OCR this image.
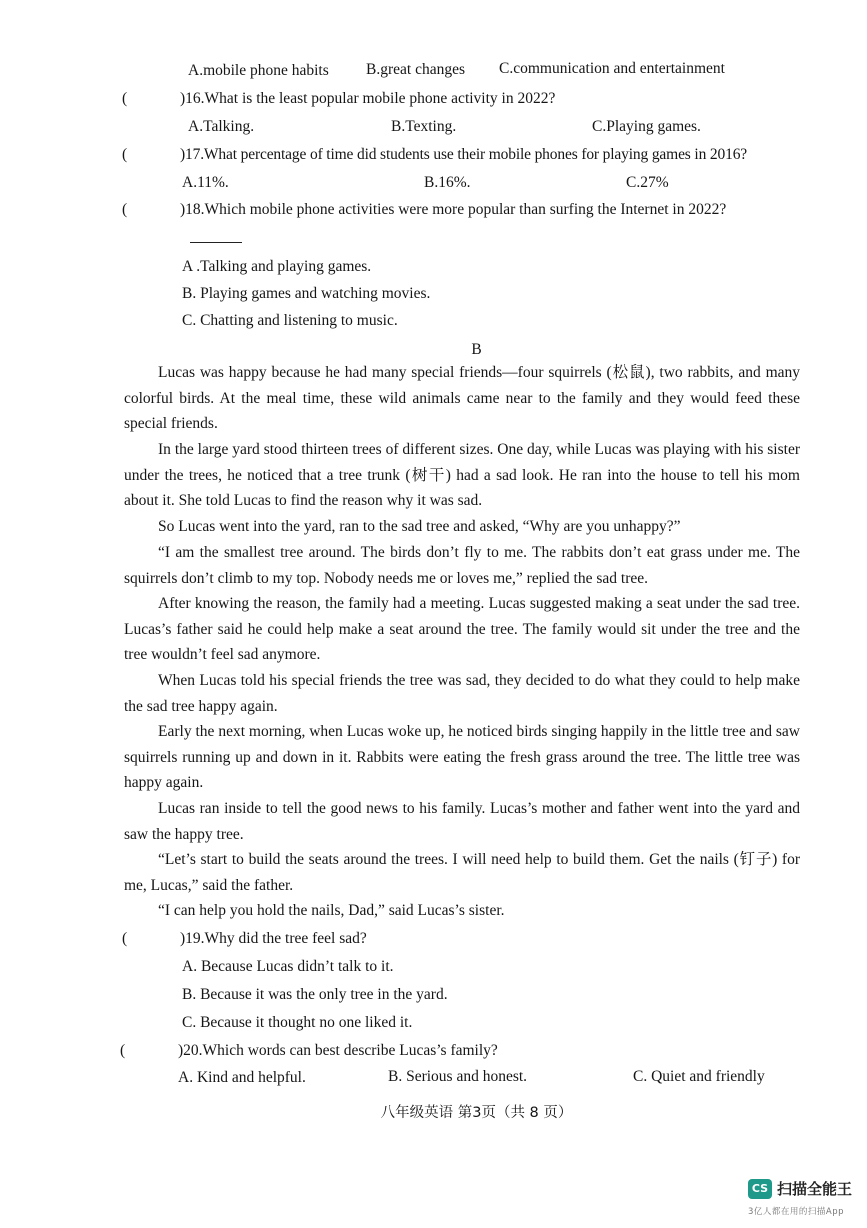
A.mobile phone habits B.great changes C.communication and entertainment
(	)16.What is the least popular mobile phone activity in 2022?
A.Talking.	B.Texting.	C.Playing games.
(	)17.What percentage of time did students use their mobile phones for playing games in 2016?
A.11%.	B.16%.	C.27%
(	)18.Which mobile phone activities were more popular than surfing the Internet in 2022?
A .Talking and playing games.
B. Playing games and watching movies.
C. Chatting and listening to music.
B

Lucas was happy because he had many special friends—four squirrels (松鼠), two rabbits, and many colorful birds. At the meal time, these wild animals came near to the family and they would feed these special friends.

In the large yard stood thirteen trees of different sizes. One day, while Lucas was playing with his sister under the trees, he noticed that a tree trunk (树干) had a sad look. He ran into the house to tell his mom about it. She told Lucas to find the reason why it was sad.

So Lucas went into the yard, ran to the sad tree and asked, “Why are you unhappy?”

“I am the smallest tree around. The birds don’t fly to me. The rabbits don’t eat grass under me. The squirrels don’t climb to my top. Nobody needs me or loves me,” replied the sad tree.

After knowing the reason, the family had a meeting. Lucas suggested making a seat under the sad tree. Lucas’s father said he could help make a seat around the tree. The family would sit under the tree and the tree wouldn’t feel sad anymore.

When Lucas told his special friends the tree was sad, they decided to do what they could to help make the sad tree happy again.

Early the next morning, when Lucas woke up, he noticed birds singing happily in the little tree and saw squirrels running up and down in it. Rabbits were eating the fresh grass around the tree. The little tree was happy again.

Lucas ran inside to tell the good news to his family. Lucas’s mother and father went into the yard and saw the happy tree.

“Let’s start to build the seats around the trees. I will need help to build them. Get the nails (钉子) for me, Lucas,” said the father.

“I can help you hold the nails, Dad,” said Lucas’s sister.

(	)19.Why did the tree feel sad?
A. Because Lucas didn’t talk to it.
B. Because it was the only tree in the yard.
C. Because it thought no one liked it.
(	)20.Which words can best describe Lucas’s family?
A. Kind and helpful.	B. Serious and honest.	C. Quiet and friendly
八年级英语 第3页（共 8 页）
CS 扫描全能王
3亿人都在用的扫描App
